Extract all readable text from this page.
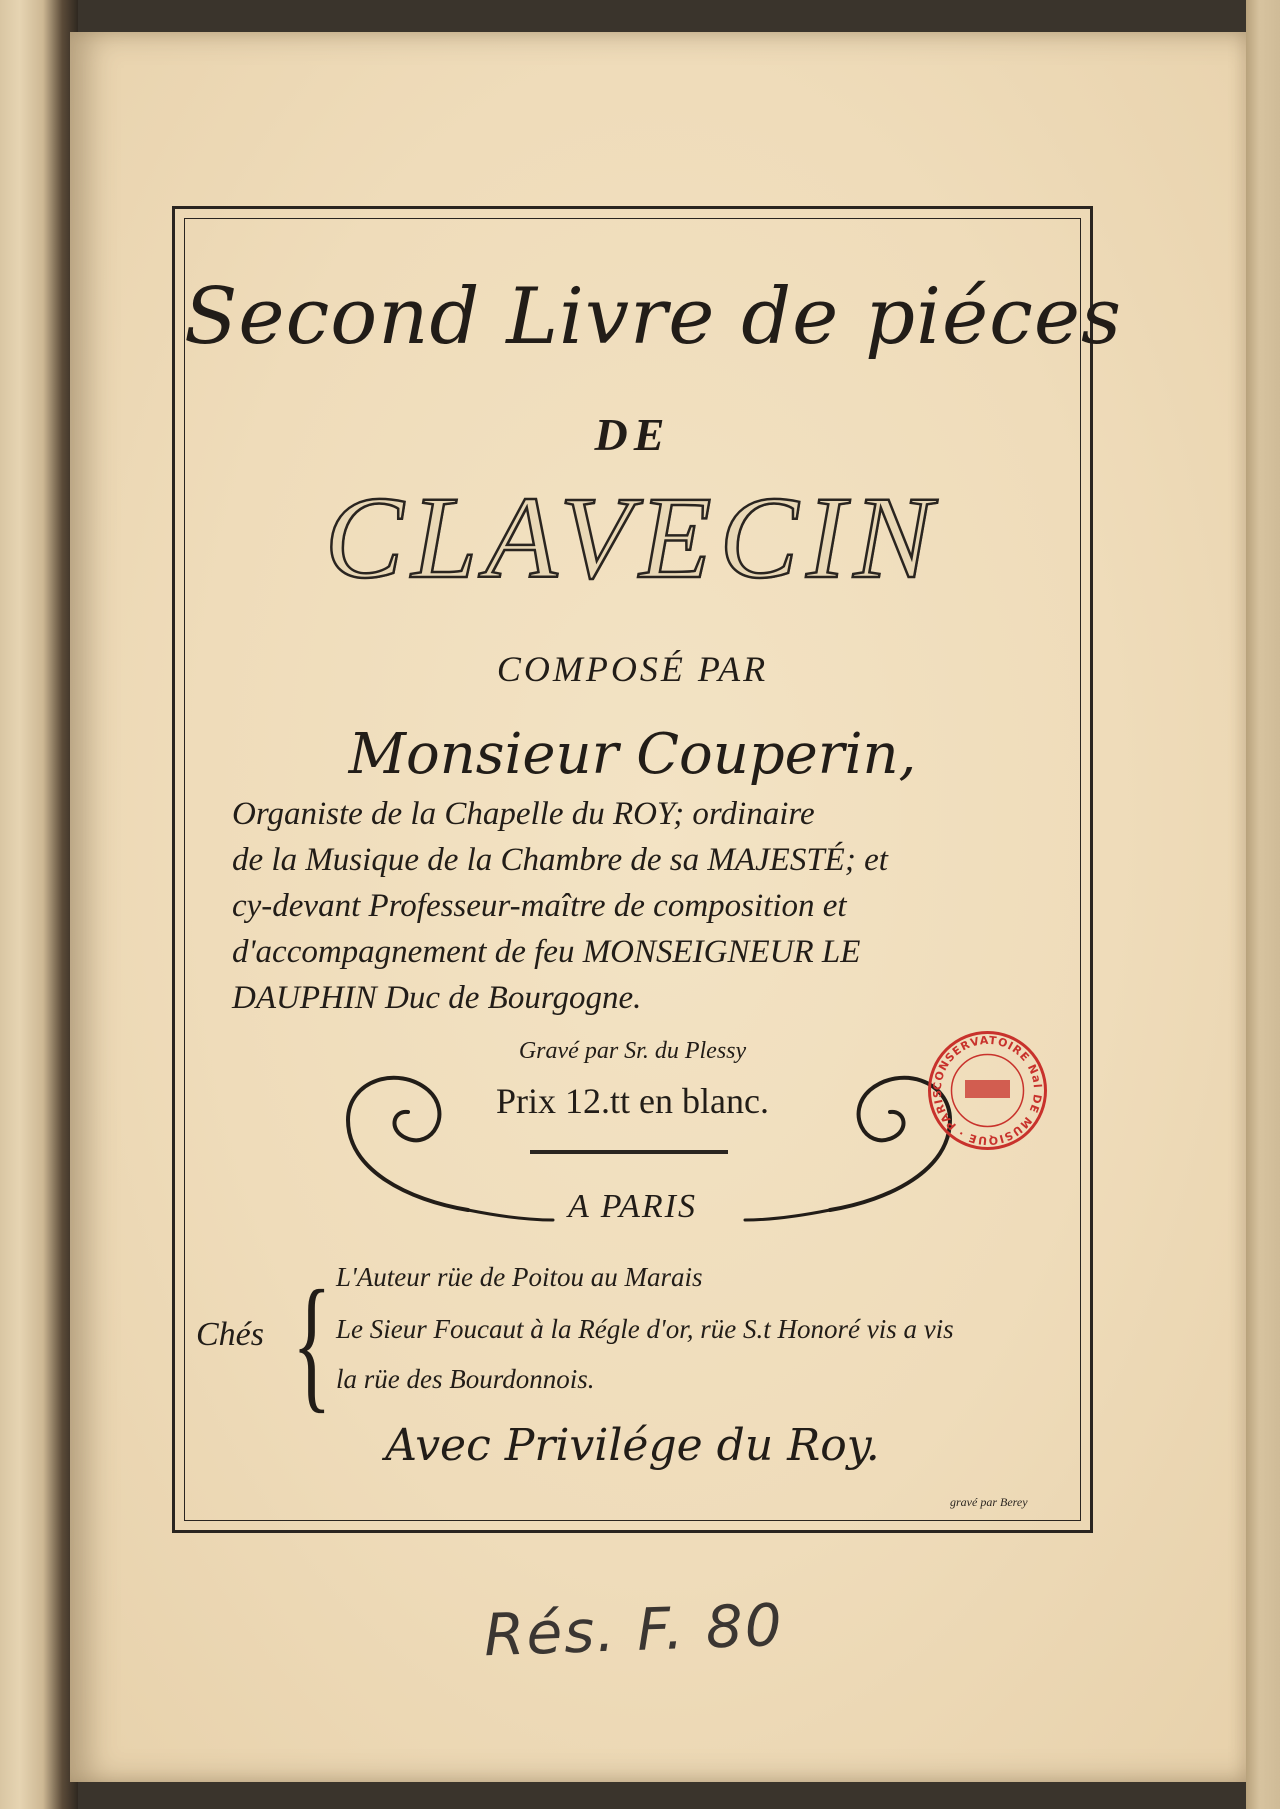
Second Livre de piéces
DE
CLAVECIN
COMPOSÉ PAR
Monsieur Couperin,
Organiste de la Chapelle du ROY; ordinaire
de la Musique de la Chambre de sa MAJESTÉ; et
cy-devant Professeur-maître de composition et
d'accompagnement de feu MONSEIGNEUR LE
DAUPHIN Duc de Bourgogne.
Gravé par Sr. du Plessy
Prix 12.tt en blanc.
A PARIS
Chés { L'Auteur rüe de Poitou au Marais
Le Sieur Foucaut à la Régle d'or, rüe S.t Honoré vis a vis
la rüe des Bourdonnois.
Avec Privilége du Roy.
gravé par Berey
CONSERVATOIRE Nal DE MUSIQUE · PARIS
Rés. F. 80
